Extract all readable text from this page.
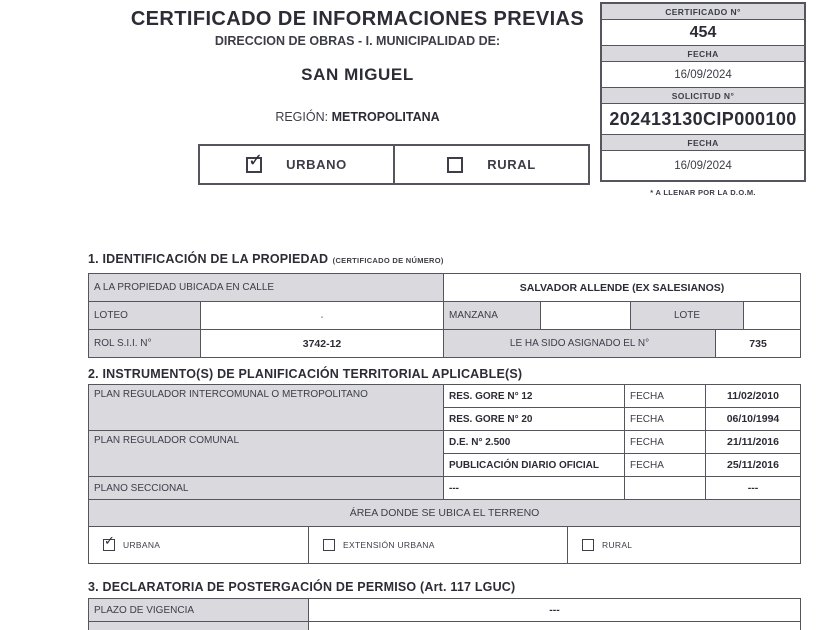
CERTIFICADO DE INFORMACIONES PREVIAS
DIRECCION DE OBRAS - I. MUNICIPALIDAD DE:
SAN MIGUEL
REGIÓN: METROPOLITANA
✓ URBANO	RURAL
CERTIFICADO N°
454
FECHA
16/09/2024
SOLICITUD N°
202413130CIP000100
FECHA
16/09/2024
* A LLENAR POR LA D.O.M.
1. IDENTIFICACIÓN DE LA PROPIEDAD (CERTIFICADO DE NÚMERO)
A LA PROPIEDAD UBICADA EN CALLE		SALVADOR ALLENDE (EX SALESIANOS)				
LOTEO	.	MANZANA		LOTE		
ROL S.I.I. N°	3742-12	LE HA SIDO ASIGNADO EL N°			735	
2. INSTRUMENTO(S) DE PLANIFICACIÓN TERRITORIAL APLICABLE(S)
PLAN REGULADOR INTERCOMUNAL O METROPOLITANO	RES. GORE N° 12	FECHA	11/02/2010
	RES. GORE N° 20	FECHA	06/10/1994
PLAN REGULADOR COMUNAL	D.E. N° 2.500	FECHA	21/11/2016
	PUBLICACIÓN DIARIO OFICIAL	FECHA	25/11/2016
PLANO SECCIONAL	---		---
ÁREA DONDE SE UBICA EL TERRENO

✓ URBANA	EXTENSIÓN URBANA	RURAL
3. DECLARATORIA DE POSTERGACIÓN DE PERMISO (Art. 117 LGUC)
PLAZO DE VIGENCIA	---
